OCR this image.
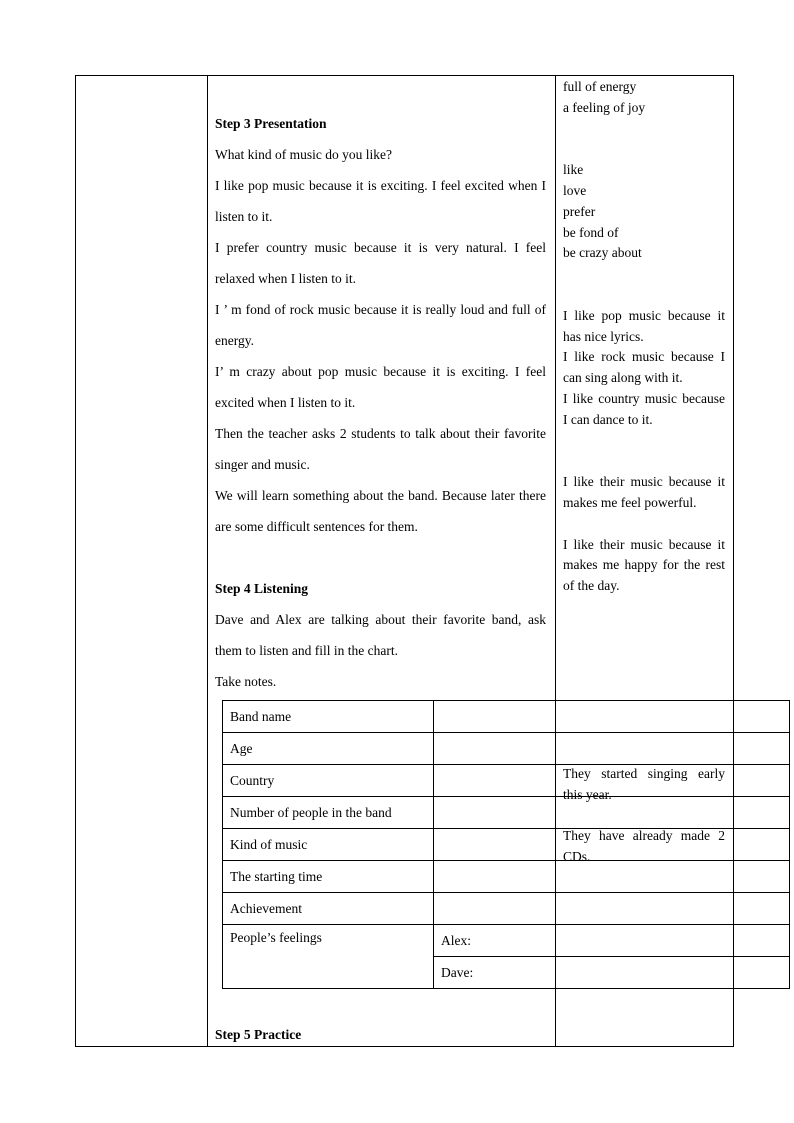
Step 3 Presentation

What kind of music do you like?

I like pop music because it is exciting. I feel excited when I listen to it.

I prefer country music because it is very natural. I feel relaxed when I listen to it.

I ’ m fond of rock music because it is really loud and full of energy.

I’ m crazy about pop music because it is exciting. I feel excited when I listen to it.

Then the teacher asks 2 students to talk about their favorite singer and music.

We will learn something about the band. Because later there are some difficult sentences for them.

Step 4 Listening

Dave and Alex are talking about their favorite band, ask them to listen and fill in the chart.

Take notes.

Step 5 Practice

full of energy

a feeling of joy

like

love

prefer

be fond of

be crazy about

I like pop music because it has nice lyrics.

I like rock music because I can sing along with it.

I like country music because I can dance to it.

I like their music because it makes me feel powerful.

I like their music because it makes me happy for the rest of the day.

Band name			
Age			
Country			
Number of people in the band			
Kind of music			
The starting time			
Achievement			
People’s feelings	Alex:		
	Dave:		
They started singing early this year.
They have already made 2 CDs.
